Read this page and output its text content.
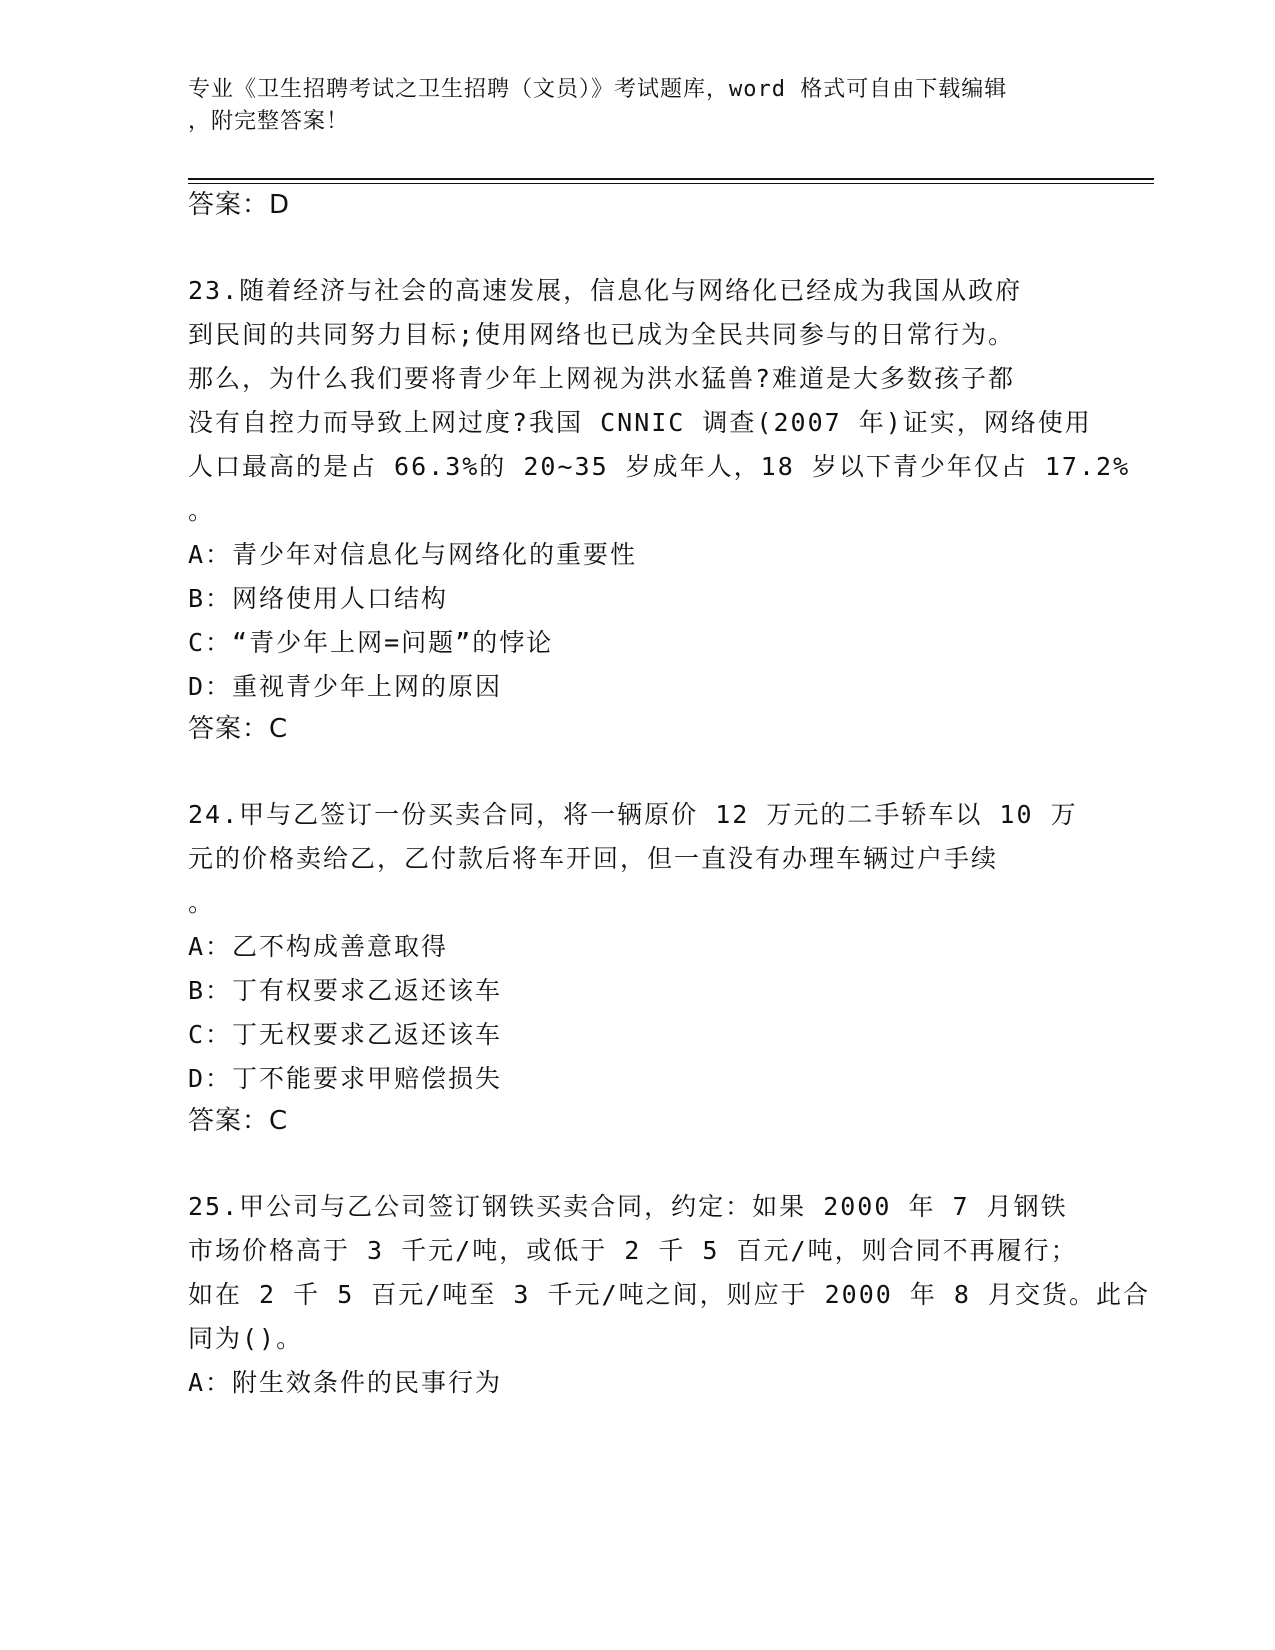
专业《卫生招聘考试之卫生招聘（文员）》考试题库，word 格式可自由下载编辑
，附完整答案！
答案：D
23.随着经济与社会的高速发展，信息化与网络化已经成为我国从政府
到民间的共同努力目标;使用网络也已成为全民共同参与的日常行为。
那么，为什么我们要将青少年上网视为洪水猛兽?难道是大多数孩子都
没有自控力而导致上网过度?我国 CNNIC 调查(2007 年)证实，网络使用
人口最高的是占 66.3%的 20~35 岁成年人，18 岁以下青少年仅占 17.2%
。
A：青少年对信息化与网络化的重要性
B：网络使用人口结构
C：“青少年上网=问题”的悖论
D：重视青少年上网的原因
答案：C
24.甲与乙签订一份买卖合同，将一辆原价 12 万元的二手轿车以 10 万
元的价格卖给乙，乙付款后将车开回，但一直没有办理车辆过户手续
。
A：乙不构成善意取得
B：丁有权要求乙返还该车
C：丁无权要求乙返还该车
D：丁不能要求甲赔偿损失
答案：C
25.甲公司与乙公司签订钢铁买卖合同，约定：如果 2000 年 7 月钢铁
市场价格高于 3 千元/吨，或低于 2 千 5 百元/吨，则合同不再履行；
如在 2 千 5 百元/吨至 3 千元/吨之间，则应于 2000 年 8 月交货。此合
同为()。
A：附生效条件的民事行为
